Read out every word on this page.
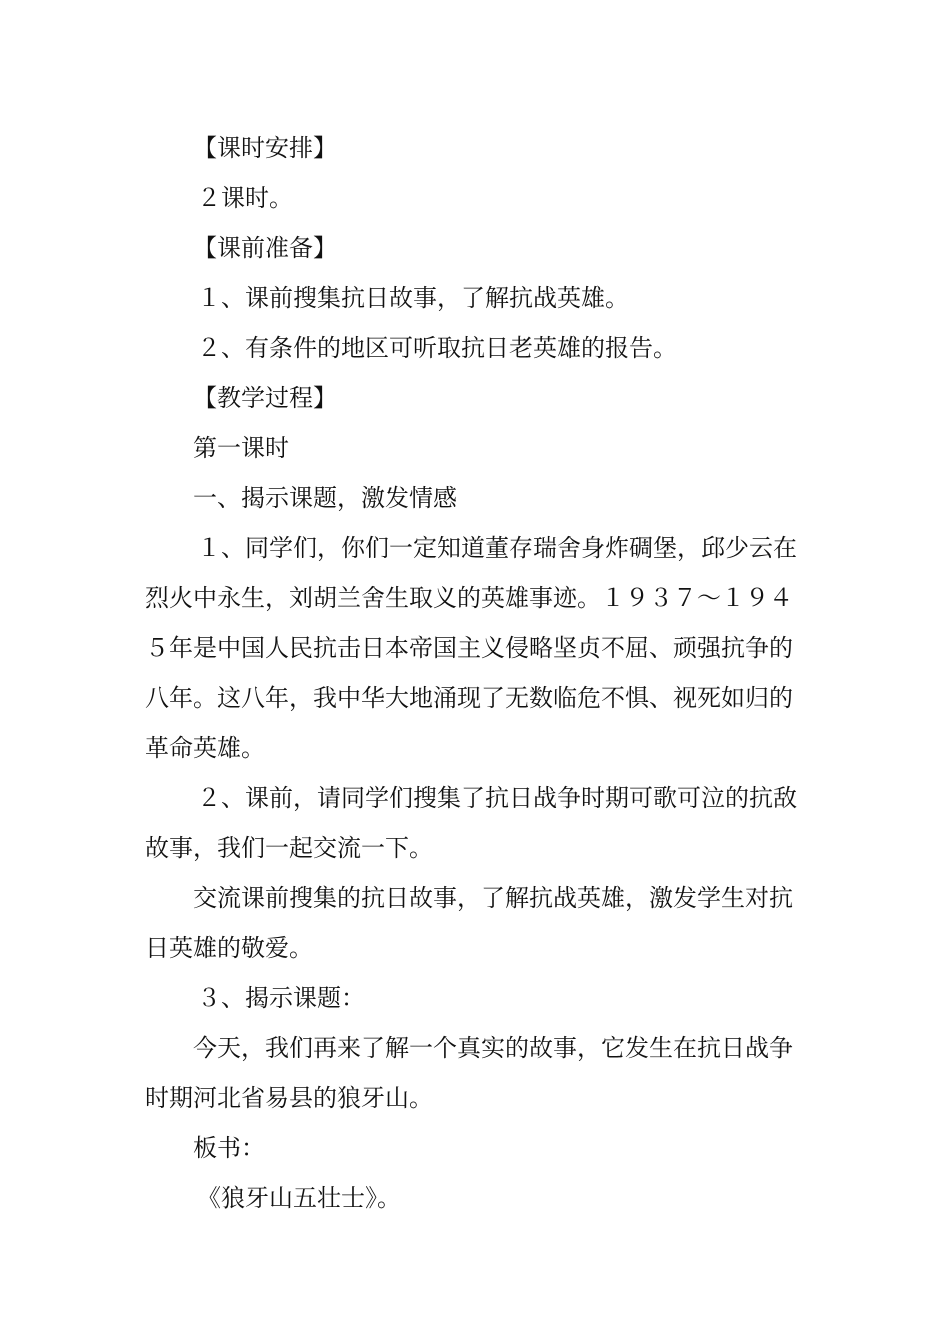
【课时安排】

２课时。

【课前准备】

１、课前搜集抗日故事，了解抗战英雄。

２、有条件的地区可听取抗日老英雄的报告。

【教学过程】

第一课时

一、揭示课题，激发情感

１、同学们，你们一定知道董存瑞舍身炸碉堡，邱少云在烈火中永生，刘胡兰舍生取义的英雄事迹。１９３７～１９４５年是中国人民抗击日本帝国主义侵略坚贞不屈、顽强抗争的八年。这八年，我中华大地涌现了无数临危不惧、视死如归的革命英雄。

２、课前，请同学们搜集了抗日战争时期可歌可泣的抗敌故事，我们一起交流一下。

交流课前搜集的抗日故事，了解抗战英雄，激发学生对抗日英雄的敬爱。

３、揭示课题：

今天，我们再来了解一个真实的故事，它发生在抗日战争时期河北省易县的狼牙山。

板书：

《狼牙山五壮士》。
